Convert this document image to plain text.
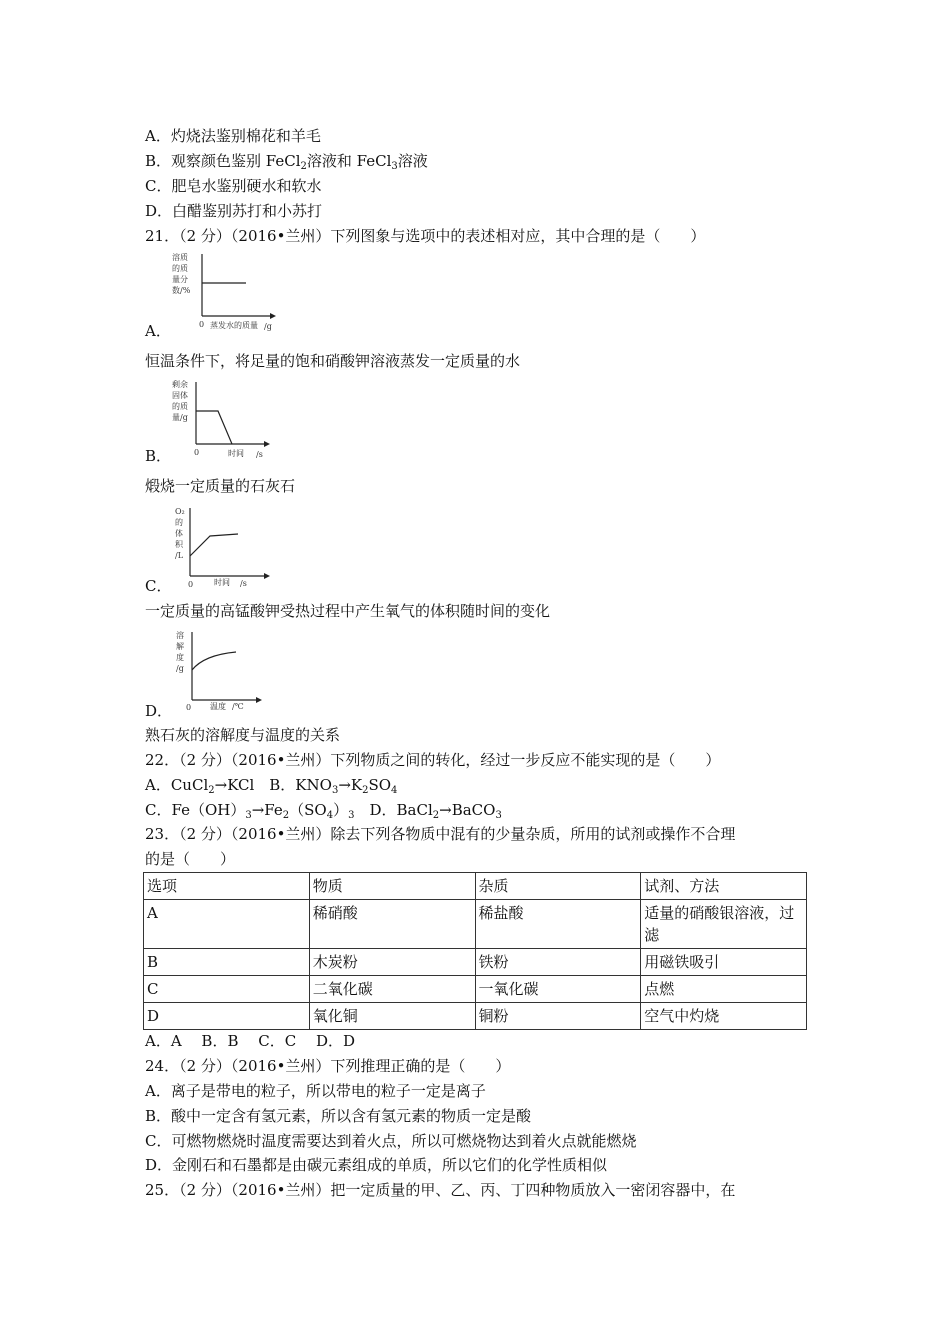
A．灼烧法鉴别棉花和羊毛
B．观察颜色鉴别 FeCl$_2$溶液和 FeCl$_3$溶液
C．肥皂水鉴别硬水和软水
D．白醋鉴别苏打和小苏打
21．（2 分）（2016•兰州）下列图象与选项中的表述相对应，其中合理的是（　　）
溶质
的质
量分
数/%
0 蒸发水的质量 /g
A．
恒温条件下，将足量的饱和硝酸钾溶液蒸发一定质量的水
剩余
固体
的质
量/g
0	时间 /s
B．
煅烧一定质量的石灰石
O₂
的
体
积
/L
0	时间 /s
C．
一定质量的高锰酸钾受热过程中产生氧气的体积随时间的变化
溶
解
度
/g
0 温度 /℃
D．
熟石灰的溶解度与温度的关系
22．（2 分）（2016•兰州）下列物质之间的转化，经过一步反应不能实现的是（　　）
A．CuCl$_2$→KCl　B．$KNO_3\to K_2SO_4$
C．$Fe(OH)_3\to Fe_2(SO_4)_3$　D．BaCl$_2$→BaCO$_3$
23．（2 分）（2016•兰州）除去下列各物质中混有的少量杂质，所用的试剂或操作不合理
的是（　　）
选项	物质	杂质	试剂、方法
A	稀硝酸	稀盐酸	适量的硝酸银溶液，过滤
B	木炭粉	铁粉	用磁铁吸引
C	二氧化碳	一氧化碳	点燃
D	氧化铜	铜粉	空气中灼烧
A．A　 B．B　 C．C　 D．D
24．（2 分）（2016•兰州）下列推理正确的是（　　）
A．离子是带电的粒子，所以带电的粒子一定是离子
B．酸中一定含有氢元素，所以含有氢元素的物质一定是酸
C．可燃物燃烧时温度需要达到着火点，所以可燃烧物达到着火点就能燃烧
D．金刚石和石墨都是由碳元素组成的单质，所以它们的化学性质相似
25．（2 分）（2016•兰州）把一定质量的甲、乙、丙、丁四种物质放入一密闭容器中，在
